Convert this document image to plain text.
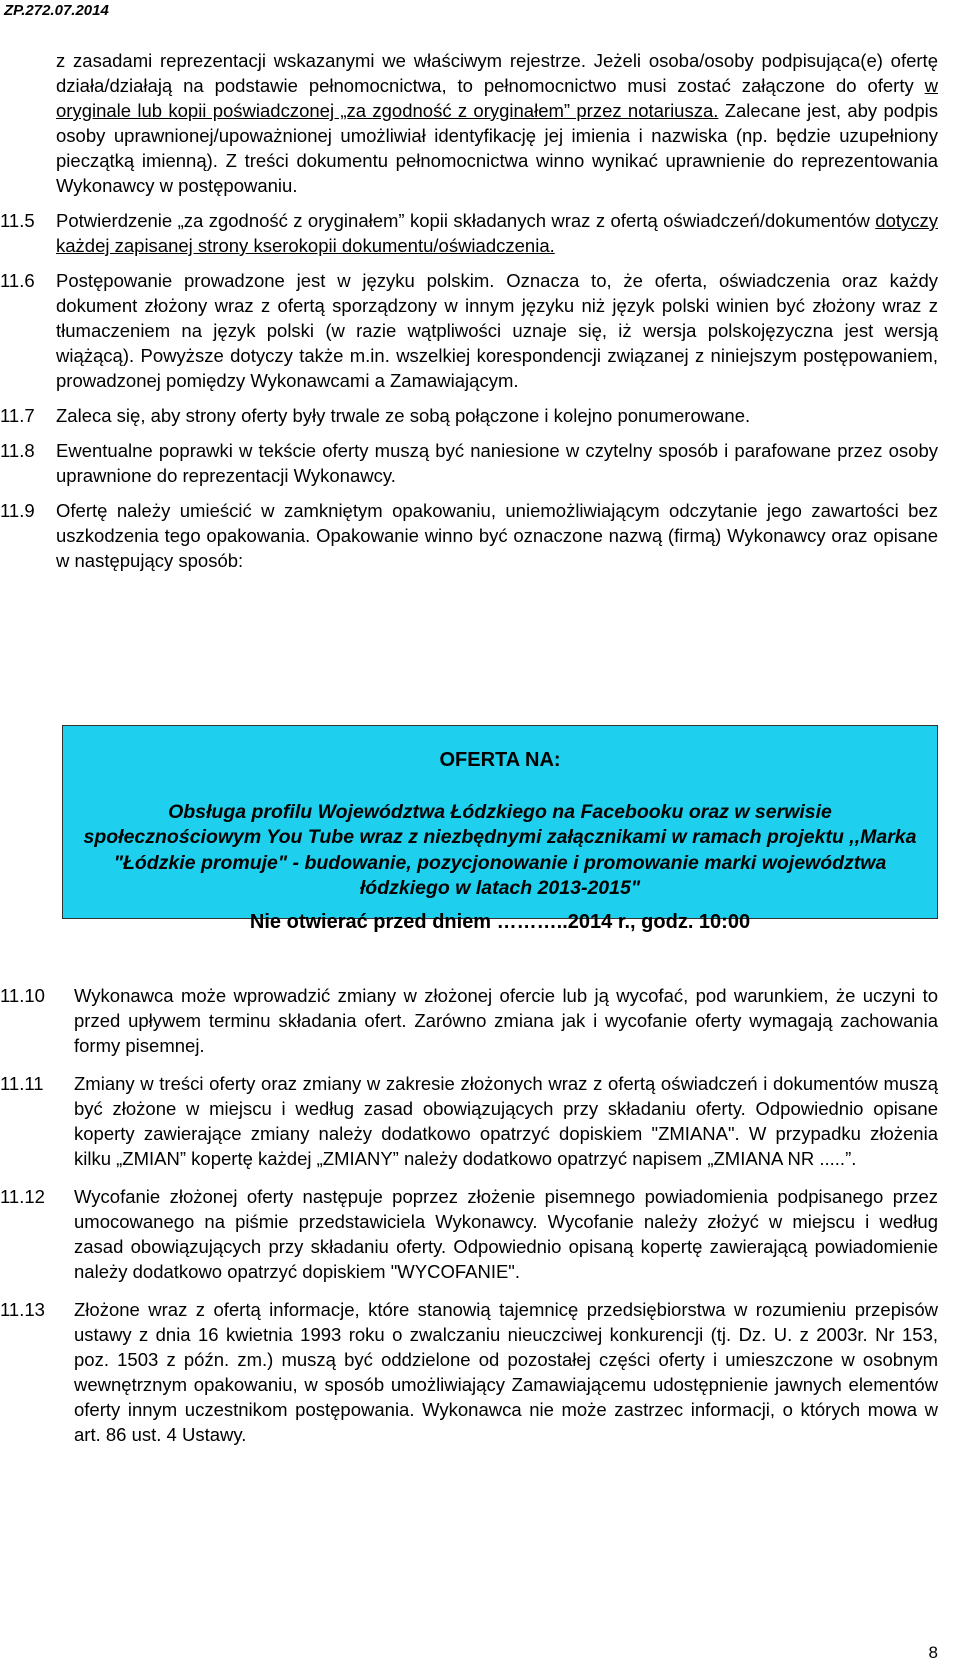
ZP.272.07.2014

z zasadami reprezentacji wskazanymi we właściwym rejestrze. Jeżeli osoba/osoby podpisująca(e) ofertę działa/działają na podstawie pełnomocnictwa, to pełnomocnictwo musi zostać załączone do oferty w oryginale lub kopii poświadczonej „za zgodność z oryginałem” przez notariusza. Zalecane jest, aby podpis osoby uprawnionej/upoważnionej umożliwiał identyfikację jej imienia i nazwiska (np. będzie uzupełniony pieczątką imienną). Z treści dokumentu pełnomocnictwa winno wynikać uprawnienie do reprezentowania Wykonawcy w postępowaniu.

11.5	Potwierdzenie „za zgodność z oryginałem” kopii składanych wraz z ofertą oświadczeń/dokumentów dotyczy każdej zapisanej strony kserokopii dokumentu/oświadczenia.

11.6	Postępowanie prowadzone jest w języku polskim. Oznacza to, że oferta, oświadczenia oraz każdy dokument złożony wraz z ofertą sporządzony w innym języku niż język polski winien być złożony wraz z tłumaczeniem na język polski (w razie wątpliwości uznaje się, iż wersja polskojęzyczna jest wersją wiążącą). Powyższe dotyczy także m.in. wszelkiej korespondencji związanej z niniejszym postępowaniem, prowadzonej pomiędzy Wykonawcami a Zamawiającym.

11.7	Zaleca się, aby strony oferty były trwale ze sobą połączone i kolejno ponumerowane.

11.8	Ewentualne poprawki w tekście oferty muszą być naniesione w czytelny sposób i parafowane przez osoby uprawnione do reprezentacji Wykonawcy.

11.9	Ofertę należy umieścić w zamkniętym opakowaniu, uniemożliwiającym odczytanie jego zawartości bez uszkodzenia tego opakowania. Opakowanie winno być oznaczone nazwą (firmą) Wykonawcy oraz opisane w następujący sposób:

OFERTA NA:
Obsługa profilu Województwa Łódzkiego na Facebooku oraz w serwisie społecznościowym You Tube wraz z niezbędnymi załącznikami w ramach projektu ,,Marka "Łódzkie promuje" - budowanie, pozycjonowanie i promowanie marki województwa łódzkiego w latach 2013-2015"
Nie otwierać przed dniem ………..2014 r., godz. 10:00
11.10	Wykonawca może wprowadzić zmiany w złożonej ofercie lub ją wycofać, pod warunkiem, że uczyni to przed upływem terminu składania ofert. Zarówno zmiana jak i wycofanie oferty wymagają zachowania formy pisemnej.

11.11	Zmiany w treści oferty oraz zmiany w zakresie złożonych wraz z ofertą oświadczeń i dokumentów muszą być złożone w miejscu i według zasad obowiązujących przy składaniu oferty. Odpowiednio opisane koperty zawierające zmiany należy dodatkowo opatrzyć dopiskiem "ZMIANA". W przypadku złożenia kilku „ZMIAN” kopertę każdej „ZMIANY” należy dodatkowo opatrzyć napisem „ZMIANA NR .....”.

11.12	Wycofanie złożonej oferty następuje poprzez złożenie pisemnego powiadomienia podpisanego przez umocowanego na piśmie przedstawiciela Wykonawcy. Wycofanie należy złożyć w miejscu i według zasad obowiązujących przy składaniu oferty. Odpowiednio opisaną kopertę zawierającą powiadomienie należy dodatkowo opatrzyć dopiskiem "WYCOFANIE".

11.13	Złożone wraz z ofertą informacje, które stanowią tajemnicę przedsiębiorstwa w rozumieniu przepisów ustawy z dnia 16 kwietnia 1993 roku o zwalczaniu nieuczciwej konkurencji (tj. Dz. U. z 2003r. Nr 153, poz. 1503 z późn. zm.) muszą być oddzielone od pozostałej części oferty i umieszczone w osobnym wewnętrznym opakowaniu, w sposób umożliwiający Zamawiającemu udostępnienie jawnych elementów oferty innym uczestnikom postępowania. Wykonawca nie może zastrzec informacji, o których mowa w art. 86 ust. 4 Ustawy.

8
